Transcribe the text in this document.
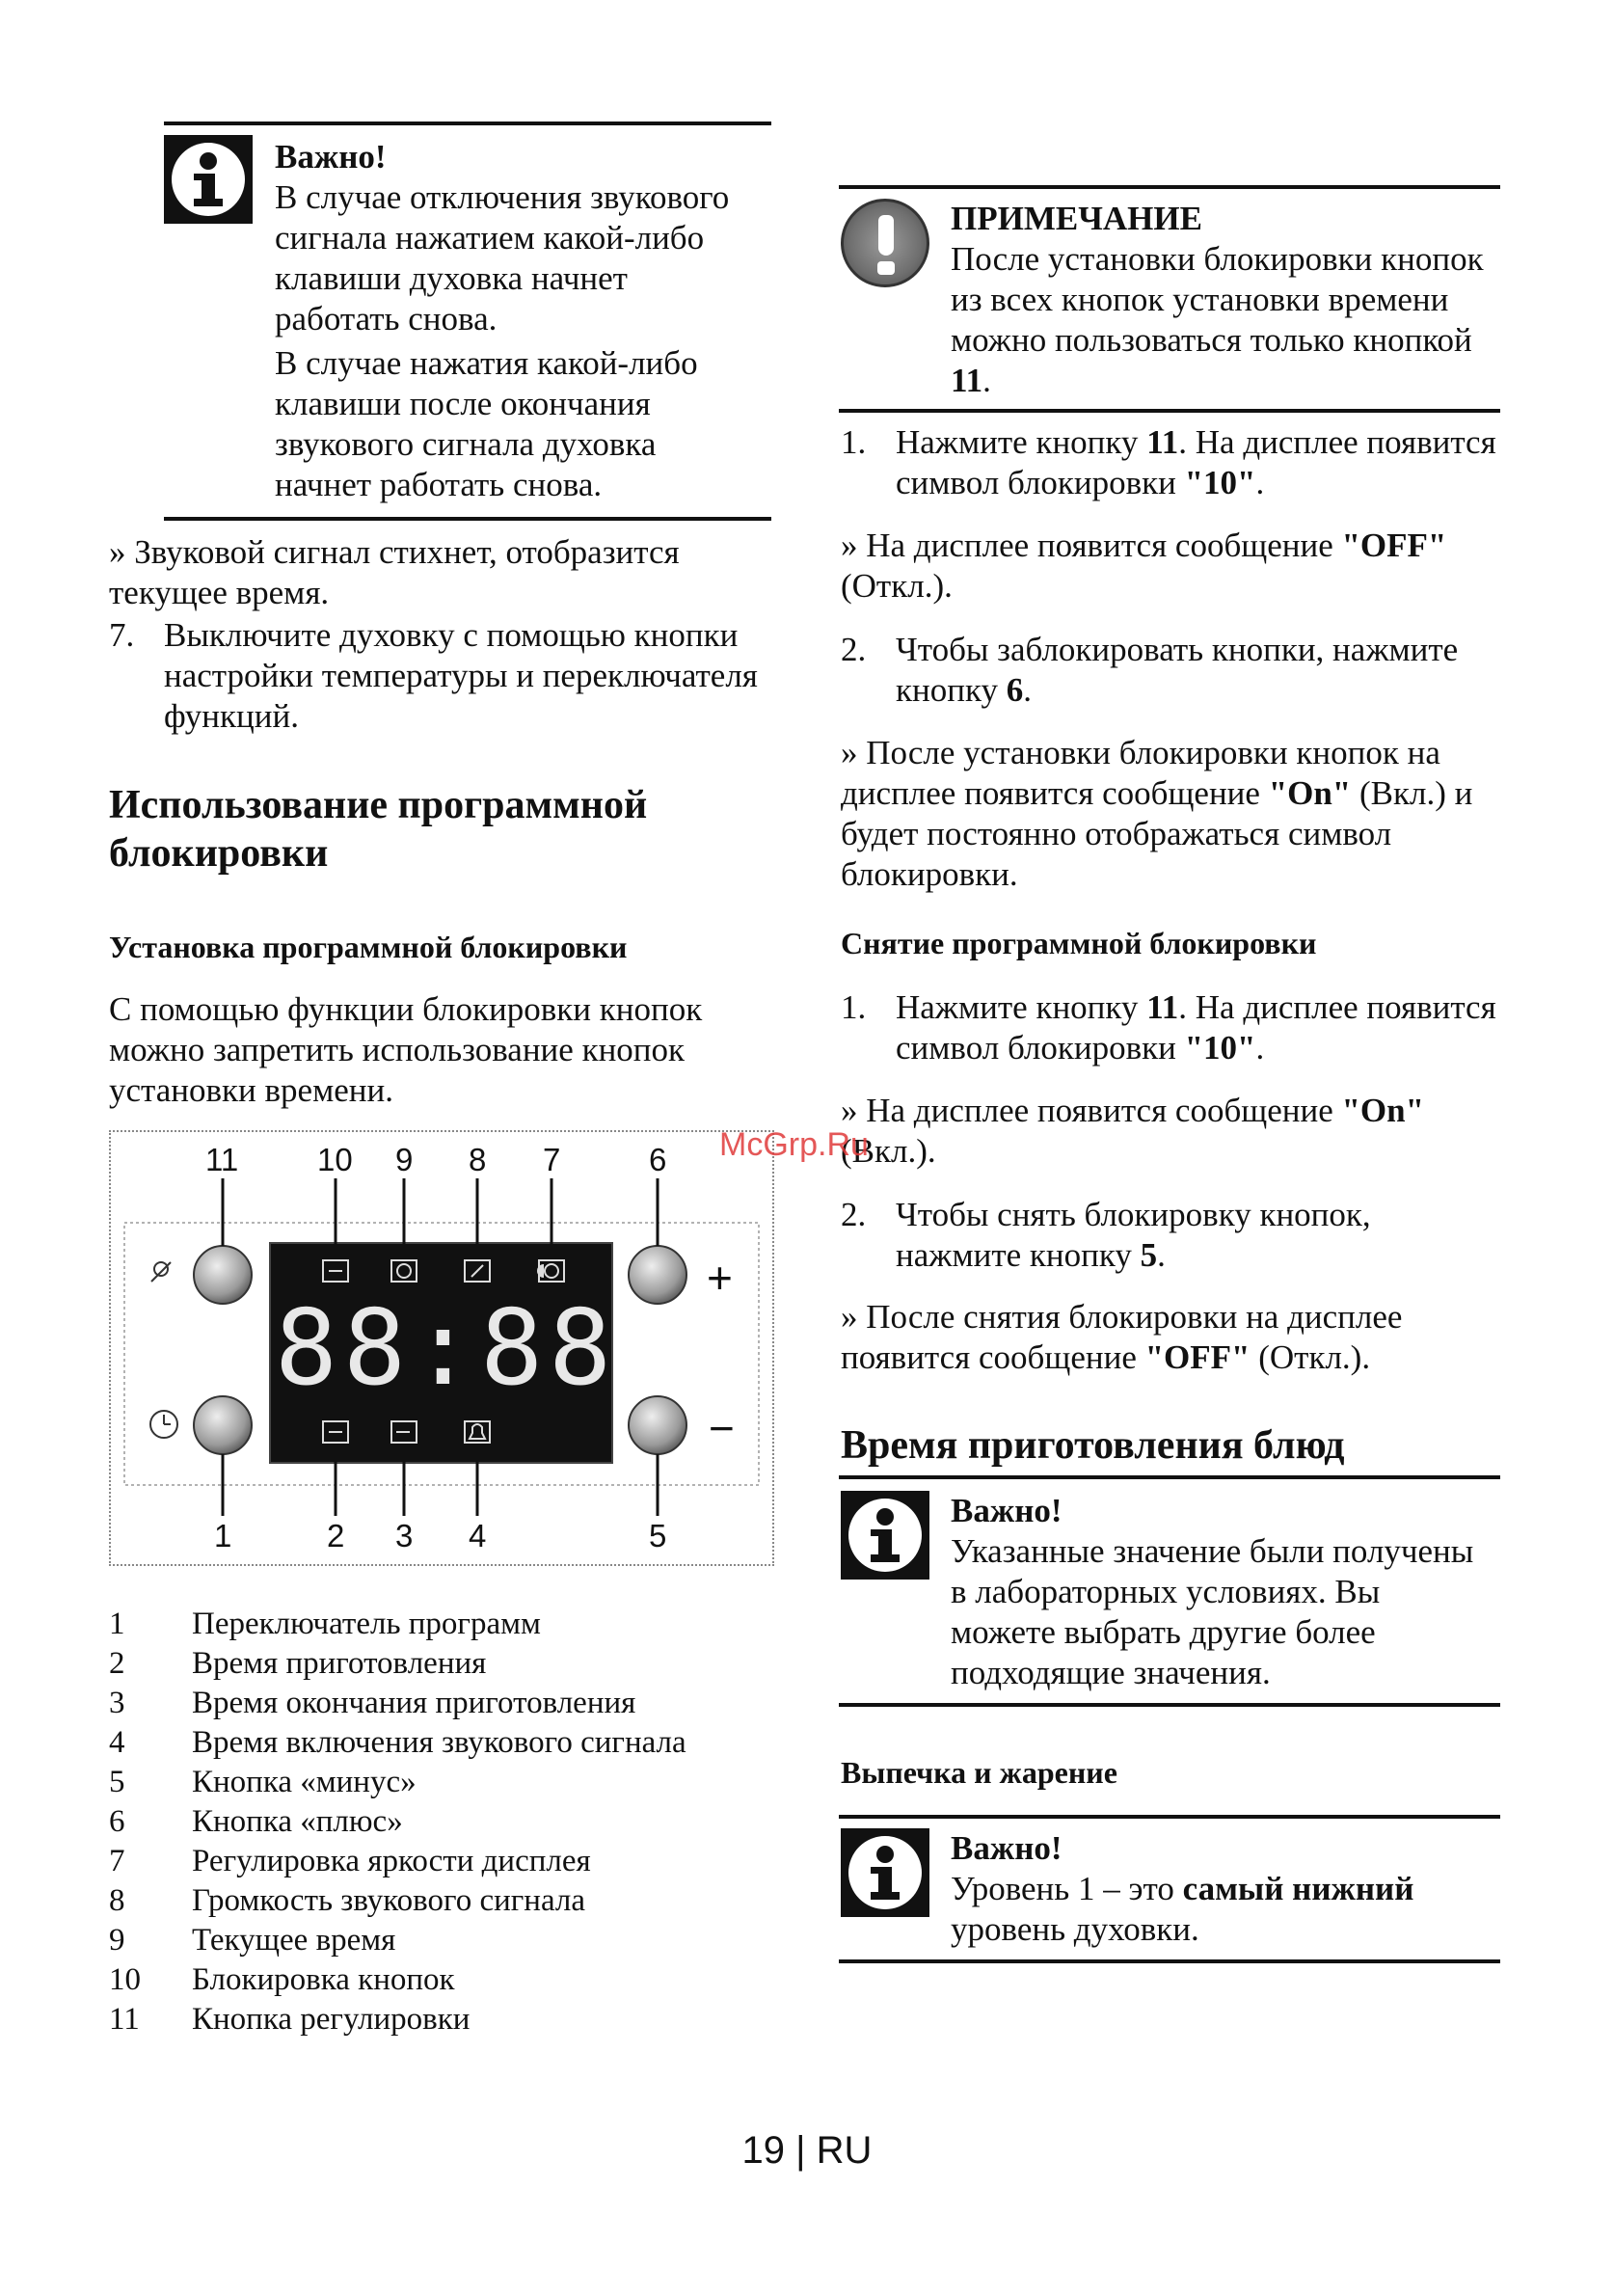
Важно!
В случае отключения звукового
сигнала нажатием какой-либо
клавиши духовка начнет
работать снова.
В случае нажатия какой-либо
клавиши после окончания
звукового сигнала духовка
начнет работать снова.
» Звуковой сигнал стихнет, отобразится
текущее время.
7. Выключите духовку с помощью кнопки
настройки температуры и переключателя
функций.
Использование программной
блокировки
Установка программной блокировки
С помощью функции блокировки кнопок
можно запретить использование кнопок
установки времени.
88:88
+
−
11 10 9 8 7	6
1	2 3 4	5
1	Переключатель программ
2	Время приготовления
3	Время окончания приготовления
4	Время включения звукового сигнала
5	Кнопка «минус»
6	Кнопка «плюс»
7	Регулировка яркости дисплея
8	Громкость звукового сигнала
9	Текущее время
10	Блокировка кнопок
11	Кнопка регулировки
ПРИМЕЧАНИЕ
После установки блокировки кнопок
из всех кнопок установки времени
можно пользоваться только кнопкой
11.
1. Нажмите кнопку 11. На дисплее появится
символ блокировки "10".
» На дисплее появится сообщение "OFF"
(Откл.).
2. Чтобы заблокировать кнопки, нажмите
кнопку 6.
» После установки блокировки кнопок на
дисплее появится сообщение "On" (Вкл.) и
будет постоянно отображаться символ
блокировки.
Снятие программной блокировки
1. Нажмите кнопку 11. На дисплее появится
символ блокировки "10".
» На дисплее появится сообщение "On"
(Вкл.).
2. Чтобы снять блокировку кнопок,
нажмите кнопку 5.
» После снятия блокировки на дисплее
появится сообщение "OFF" (Откл.).
Время приготовления блюд
Важно!
Указанные значение были получены
в лабораторных условиях. Вы
можете выбрать другие более
подходящие значения.
Выпечка и жарение
Важно!
Уровень 1 – это самый нижний
уровень духовки.
McGrp.Ru
19 | RU
